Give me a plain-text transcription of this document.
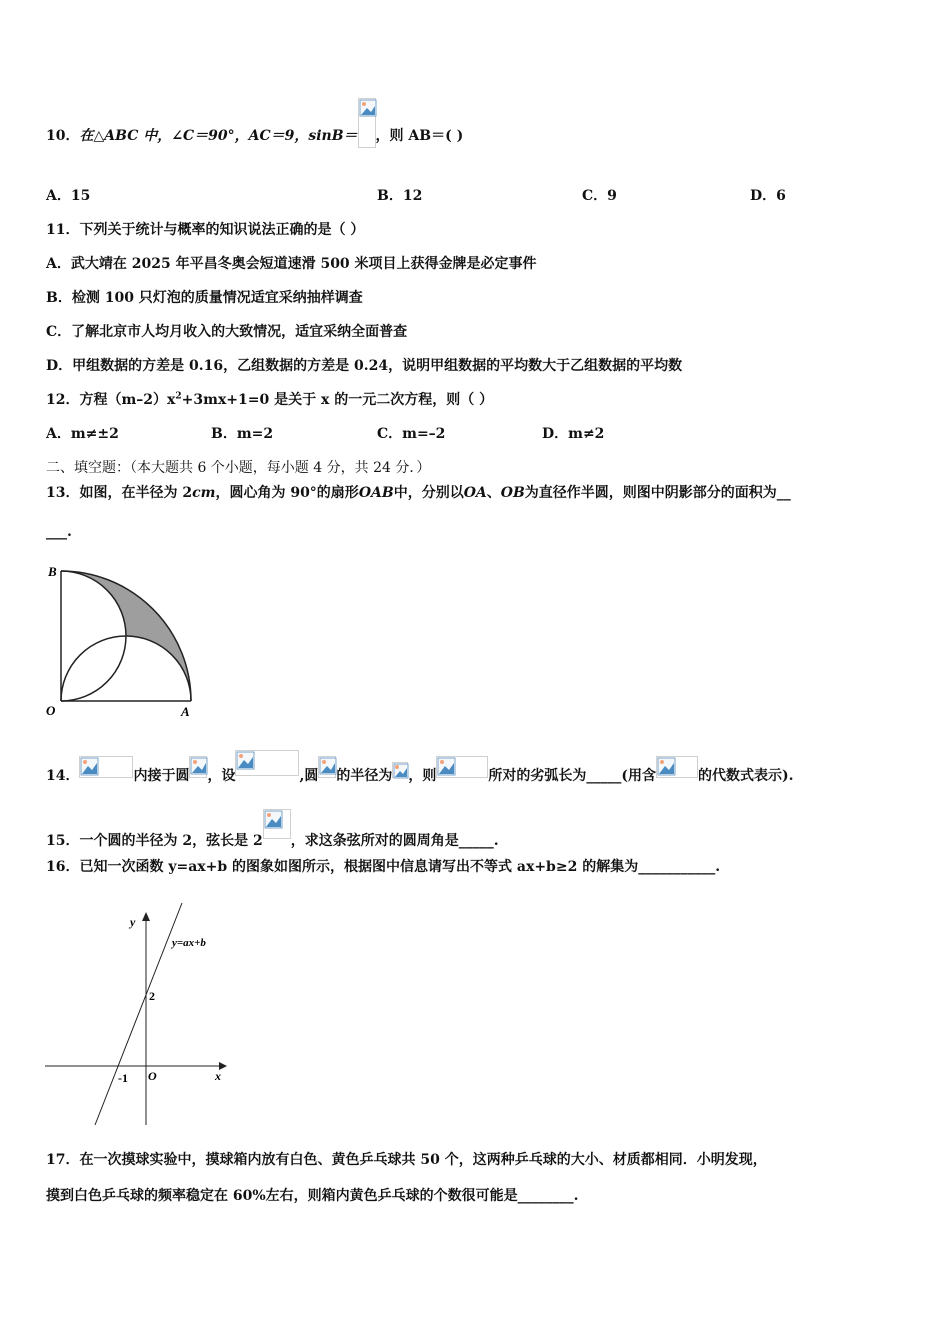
10．在△ABC 中，∠C＝90°，AC＝9，sinB＝ ，则 AB＝( )
A．15	B．12	C．9	D．6
11．下列关于统计与概率的知识说法正确的是（ ）
A．武大靖在 2025 年平昌冬奥会短道速滑 500 米项目上获得金牌是必定事件
B．检测 100 只灯泡的质量情况适宜采纳抽样调查
C．了解北京市人均月收入的大致情况，适宜采纳全面普查
D．甲组数据的方差是 0.16，乙组数据的方差是 0.24，说明甲组数据的平均数大于乙组数据的平均数
12．方程$(m-2)x^2+3mx+1=0$ 是关于 x 的一元二次方程，则（ ）
A．m≠±2	B．m=2	C．m=–2	D．m≠2
二、填空题：（本大题共 6 个小题，每小题 4 分，共 24 分．）
13．如图，在半径为 2cm，圆心角为 90°的扇形OAB中，分别以OA、OB为直径作半圆，则图中阴影部分的面积为__
___.
B
O	A
14．	内接于圆 ，设	,圆 的半径为 ，则	所对的劣弧长为_____(用含	的代数式表示).
15．一个圆的半径为 2，弦长是 2 ，求这条弦所对的圆周角是_____.
16．已知一次函数 y=ax+b 的图象如图所示，根据图中信息请写出不等式 ax+b≥2 的解集为___________.
y
x
O
y=ax+b
2
-1
17．在一次摸球实验中，摸球箱内放有白色、黄色乒乓球共 50 个，这两种乒乓球的大小、材质都相同．小明发现，
摸到白色乒乓球的频率稳定在 60%左右，则箱内黄色乒乓球的个数很可能是________.
